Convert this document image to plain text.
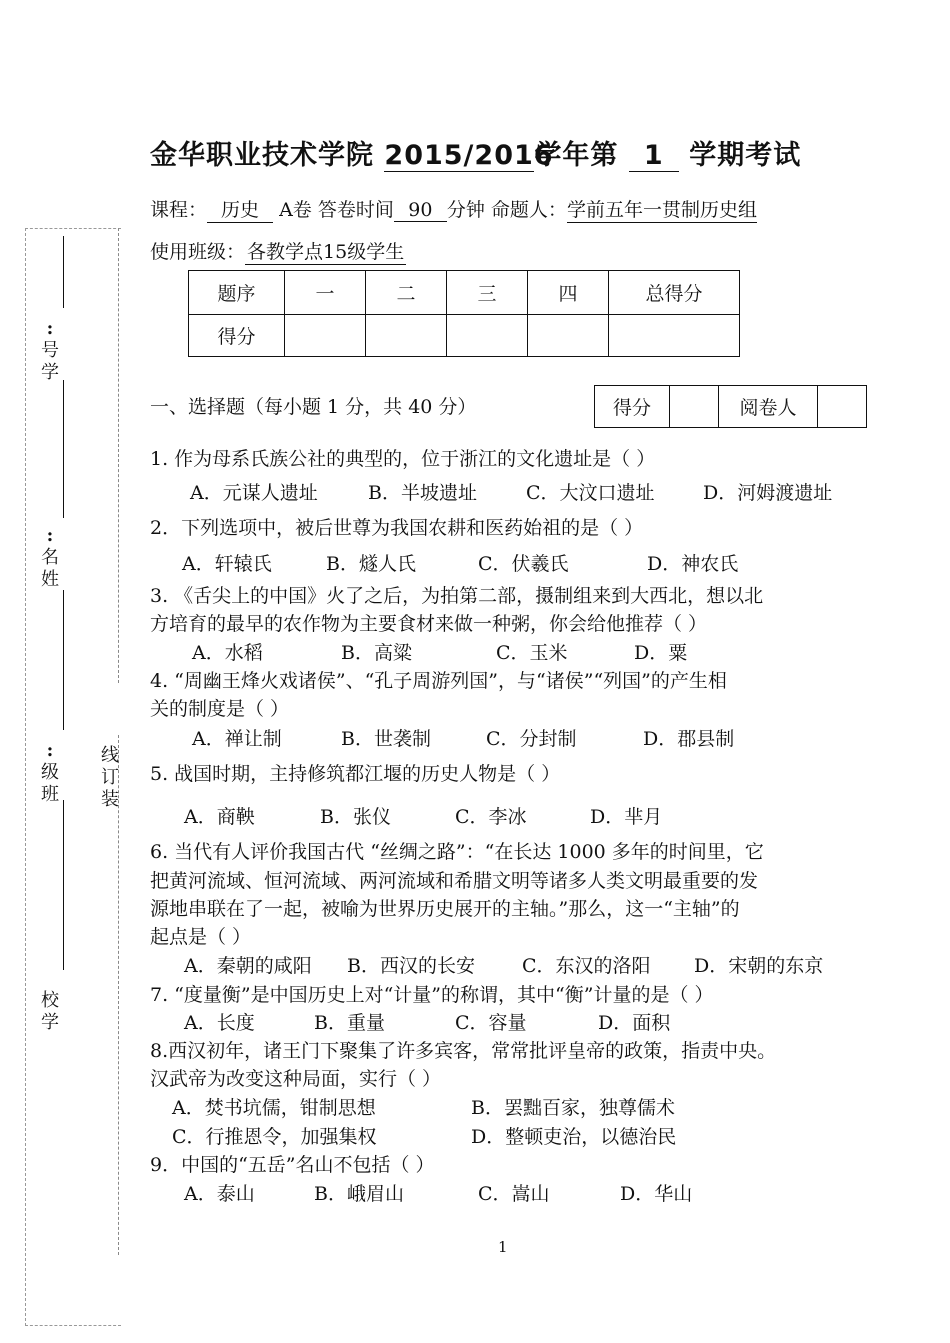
:
号
学
:
名
姓
:
级
班
校
学
线
订
装
金华职业技术学院 2015/2016学年第 1 学期考试
课程： 历史 A卷 答卷时间 90 分钟 命题人：学前五年一贯制历史组
使用班级： 各教学点15级学生
题序	一	二	三	四	总得分
得分					
一、选择题（每小题 1 分，共 40 分）	得分		阅卷人	
1. 作为母系氏族公社的典型的，位于浙江的文化遗址是（ ）
A．元谋人遗址	B．半坡遗址	C．大汶口遗址	D．河姆渡遗址
2．下列选项中，被后世尊为我国农耕和医药始祖的是（ ）
A．轩辕氏	B．燧人氏	C．伏羲氏	D．神农氏
3. 《舌尖上的中国》火了之后，为拍第二部，摄制组来到大西北，想以北
方培育的最早的农作物为主要食材来做一种粥，你会给他推荐（ ）
A．水稻	B．高粱	C．玉米	D．粟
4. “周幽王烽火戏诸侯”、“孔子周游列国”，与“诸侯”“列国”的产生相
关的制度是（ ）
A．禅让制	B．世袭制	C．分封制	D．郡县制
5. 战国时期，主持修筑都江堰的历史人物是（ ）
A．商鞅	B．张仪	C．李冰	D．芈月
6. 当代有人评价我国古代 “丝绸之路”：“在长达 1000 多年的时间里，它
把黄河流域、恒河流域、两河流域和希腊文明等诸多人类文明最重要的发
源地串联在了一起，被喻为世界历史展开的主轴。”那么，这一“主轴”的
起点是（ ）
A．秦朝的咸阳 B．西汉的长安 C．东汉的洛阳 D．宋朝的东京
7. “度量衡”是中国历史上对“计量”的称谓，其中“衡”计量的是（ ）
A．长度	B．重量	C．容量	D．面积
8.西汉初年，诸王门下聚集了许多宾客，常常批评皇帝的政策，指责中央。
汉武帝为改变这种局面，实行（ ）
A．焚书坑儒，钳制思想	B．罢黜百家，独尊儒术
C．行推恩令，加强集权	D．整顿吏治，以德治民
9．中国的“五岳”名山不包括（ ）
A．泰山	B．峨眉山	C．嵩山	D．华山
1
